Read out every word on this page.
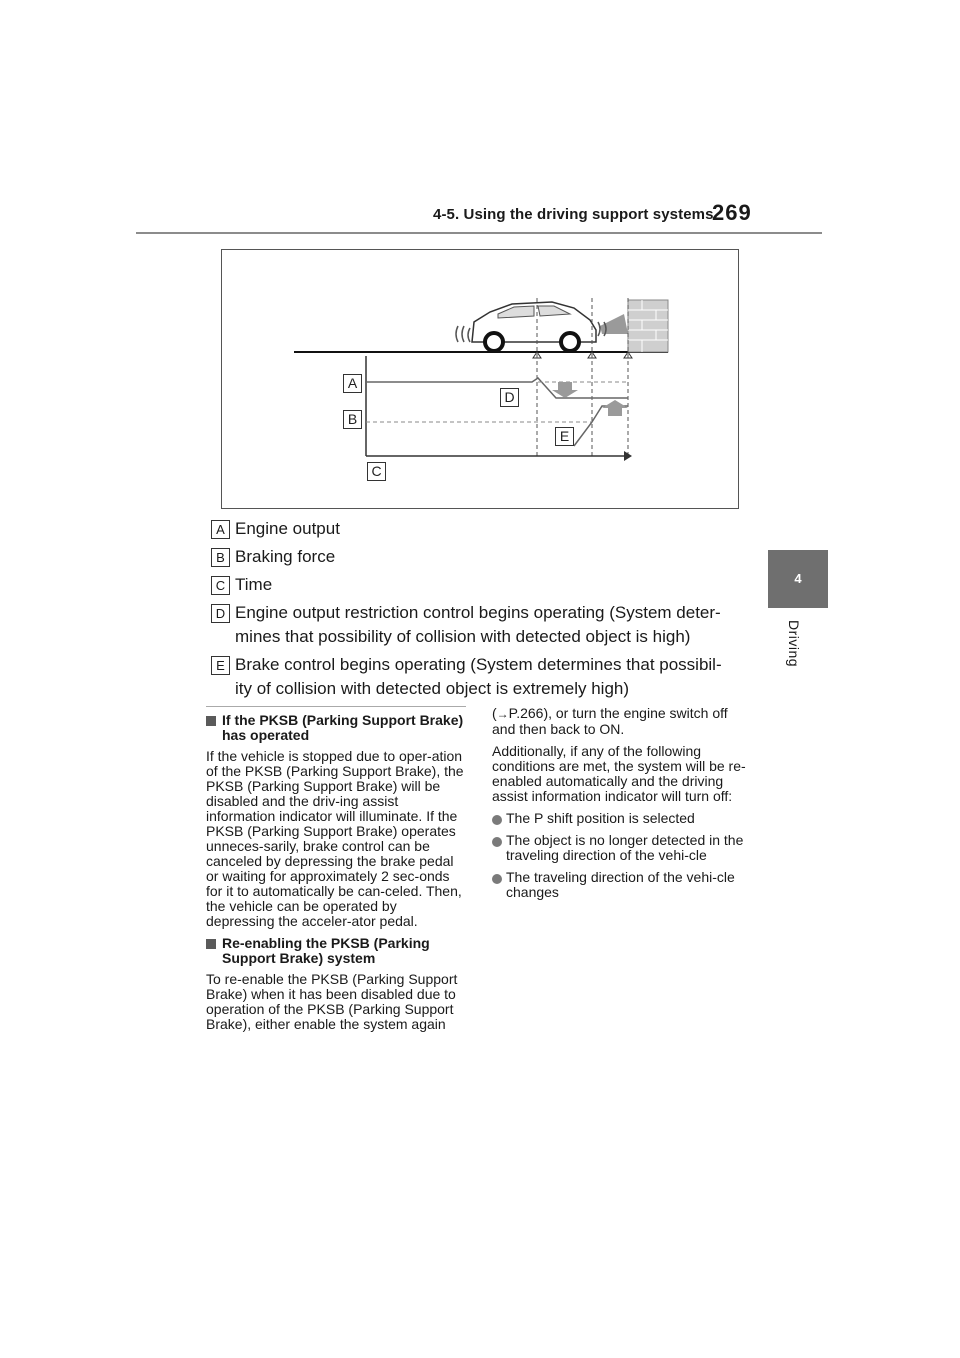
4-5. Using the driving support systems
269
4
Driving
A
B
C
D
E
A Engine output
B Braking force
C Time
D Engine output restriction control begins operating (System deter-
mines that possibility of collision with detected object is high)
E Brake control begins operating (System determines that possibil-
ity of collision with detected object is extremely high)
If the PKSB (Parking Support Brake) has operated

If the vehicle is stopped due to oper-ation of the PKSB (Parking Support Brake), the PKSB (Parking Support Brake) will be disabled and the driv-ing assist information indicator will illuminate. If the PKSB (Parking Support Brake) operates unneces-sarily, brake control can be canceled by depressing the brake pedal or waiting for approximately 2 sec-onds for it to automatically be can-celed. Then, the vehicle can be operated by depressing the acceler-ator pedal.

Re-enabling the PKSB (Parking Support Brake) system

To re-enable the PKSB (Parking Support Brake) when it has been disabled due to operation of the PKSB (Parking Support Brake), either enable the system again

(→P.266), or turn the engine switch off and then back to ON.

Additionally, if any of the following conditions are met, the system will be re-enabled automatically and the driving assist information indicator will turn off:

The P shift position is selected
The object is no longer detected in the traveling direction of the vehi-cle
The traveling direction of the vehi-cle changes
